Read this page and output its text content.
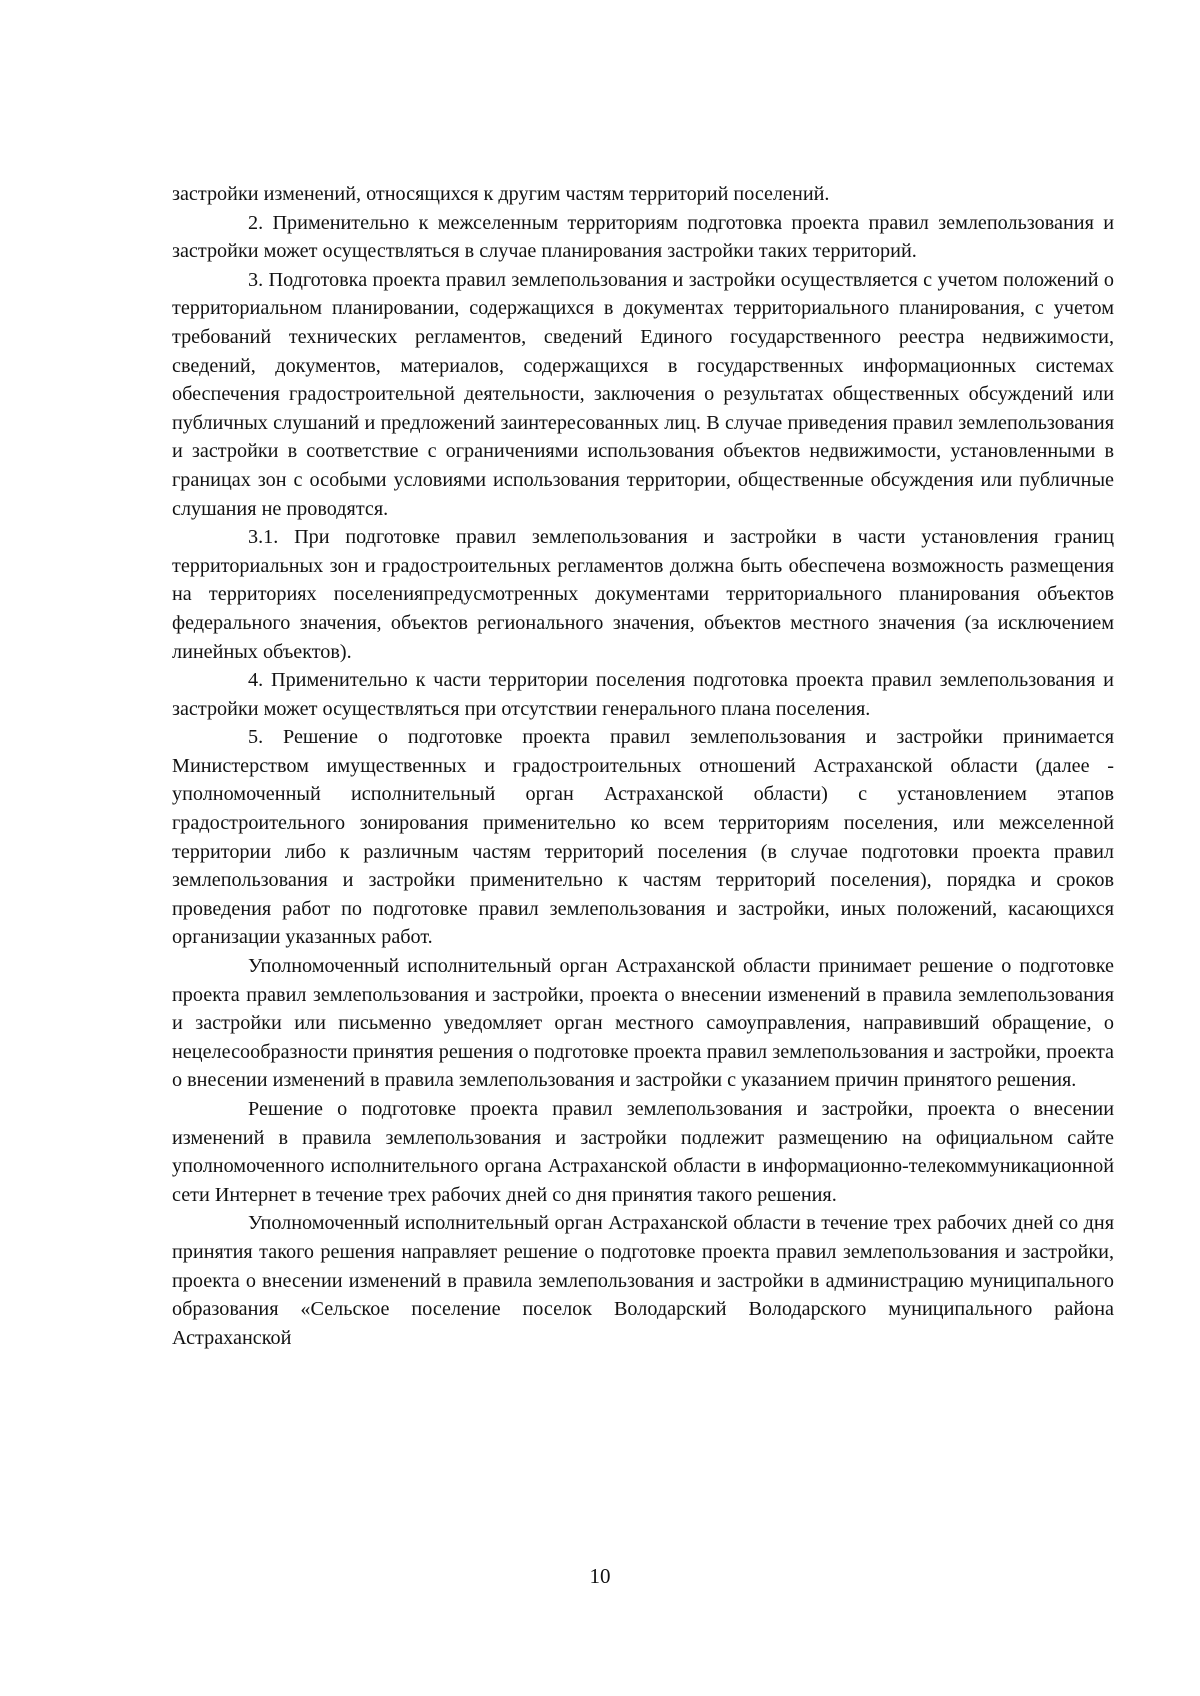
застройки изменений, относящихся к другим частям территорий поселений.

2. Применительно к межселенным территориям подготовка проекта правил землепользования и застройки может осуществляться в случае планирования застройки таких территорий.

3. Подготовка проекта правил землепользования и застройки осуществляется с учетом положений о территориальном планировании, содержащихся в документах территориального планирования, с учетом требований технических регламентов, сведений Единого государственного реестра недвижимости, сведений, документов, материалов, содержащихся в государственных информационных системах обеспечения градостроительной деятельности, заключения о результатах общественных обсуждений или публичных слушаний и предложений заинтересованных лиц. В случае приведения правил землепользования и застройки в соответствие с ограничениями использования объектов недвижимости, установленными в границах зон с особыми условиями использования территории, общественные обсуждения или публичные слушания не проводятся.

3.1. При подготовке правил землепользования и застройки в части установления границ территориальных зон и градостроительных регламентов должна быть обеспечена возможность размещения на территориях поселенияпредусмотренных документами территориального планирования объектов федерального значения, объектов регионального значения, объектов местного значения (за исключением линейных объектов).

4. Применительно к части территории поселения подготовка проекта правил землепользования и застройки может осуществляться при отсутствии генерального плана поселения.

5. Решение о подготовке проекта правил землепользования и застройки принимается Министерством имущественных и градостроительных отношений Астраханской области (далее - уполномоченный исполнительный орган Астраханской области) с установлением этапов градостроительного зонирования применительно ко всем территориям поселения, или межселенной территории либо к различным частям территорий поселения (в случае подготовки проекта правил землепользования и застройки применительно к частям территорий поселения), порядка и сроков проведения работ по подготовке правил землепользования и застройки, иных положений, касающихся организации указанных работ.

Уполномоченный исполнительный орган Астраханской области принимает решение о подготовке проекта правил землепользования и застройки, проекта о внесении изменений в правила землепользования и застройки или письменно уведомляет орган местного самоуправления, направивший обращение, о нецелесообразности принятия решения о подготовке проекта правил землепользования и застройки, проекта о внесении изменений в правила землепользования и застройки с указанием причин принятого решения.

Решение о подготовке проекта правил землепользования и застройки, проекта о внесении изменений в правила землепользования и застройки подлежит размещению на официальном сайте уполномоченного исполнительного органа Астраханской области в информационно-телекоммуникационной сети Интернет в течение трех рабочих дней со дня принятия такого решения.

Уполномоченный исполнительный орган Астраханской области в течение трех рабочих дней со дня принятия такого решения направляет решение о подготовке проекта правил землепользования и застройки, проекта о внесении изменений в правила землепользования и застройки в администрацию муниципального образования «Сельское поселение поселок Володарский Володарского муниципального района Астраханской

10
